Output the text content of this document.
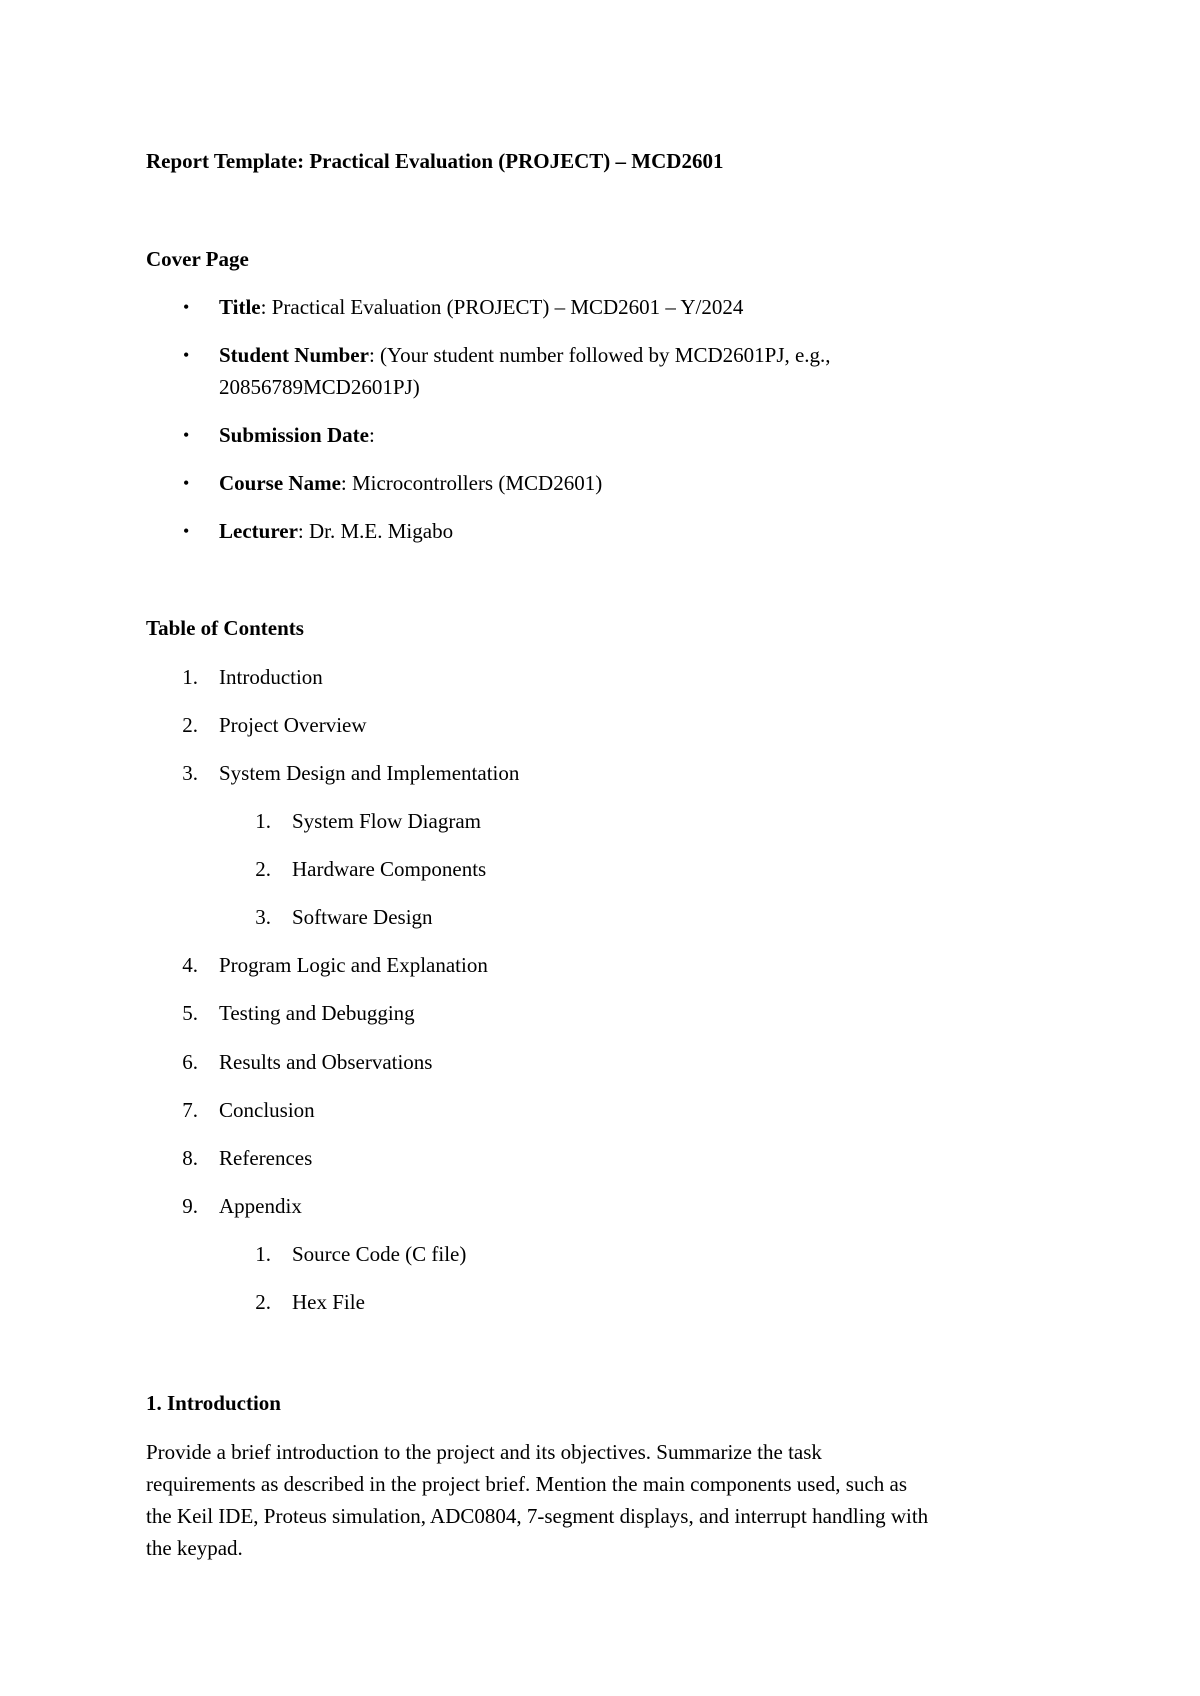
Report Template: Practical Evaluation (PROJECT) – MCD2601
Cover Page
• Title: Practical Evaluation (PROJECT) – MCD2601 – Y/2024
• Student Number: (Your student number followed by MCD2601PJ, e.g.,
20856789MCD2601PJ)
• Submission Date:
• Course Name: Microcontrollers (MCD2601)
• Lecturer: Dr. M.E. Migabo
Table of Contents
1. Introduction
2. Project Overview
3. System Design and Implementation
1. System Flow Diagram
2. Hardware Components
3. Software Design
4. Program Logic and Explanation
5. Testing and Debugging
6. Results and Observations
7. Conclusion
8. References
9. Appendix
1. Source Code (C file)
2. Hex File
1. Introduction
Provide a brief introduction to the project and its objectives. Summarize the task
requirements as described in the project brief. Mention the main components used, such as
the Keil IDE, Proteus simulation, ADC0804, 7-segment displays, and interrupt handling with
the keypad.
